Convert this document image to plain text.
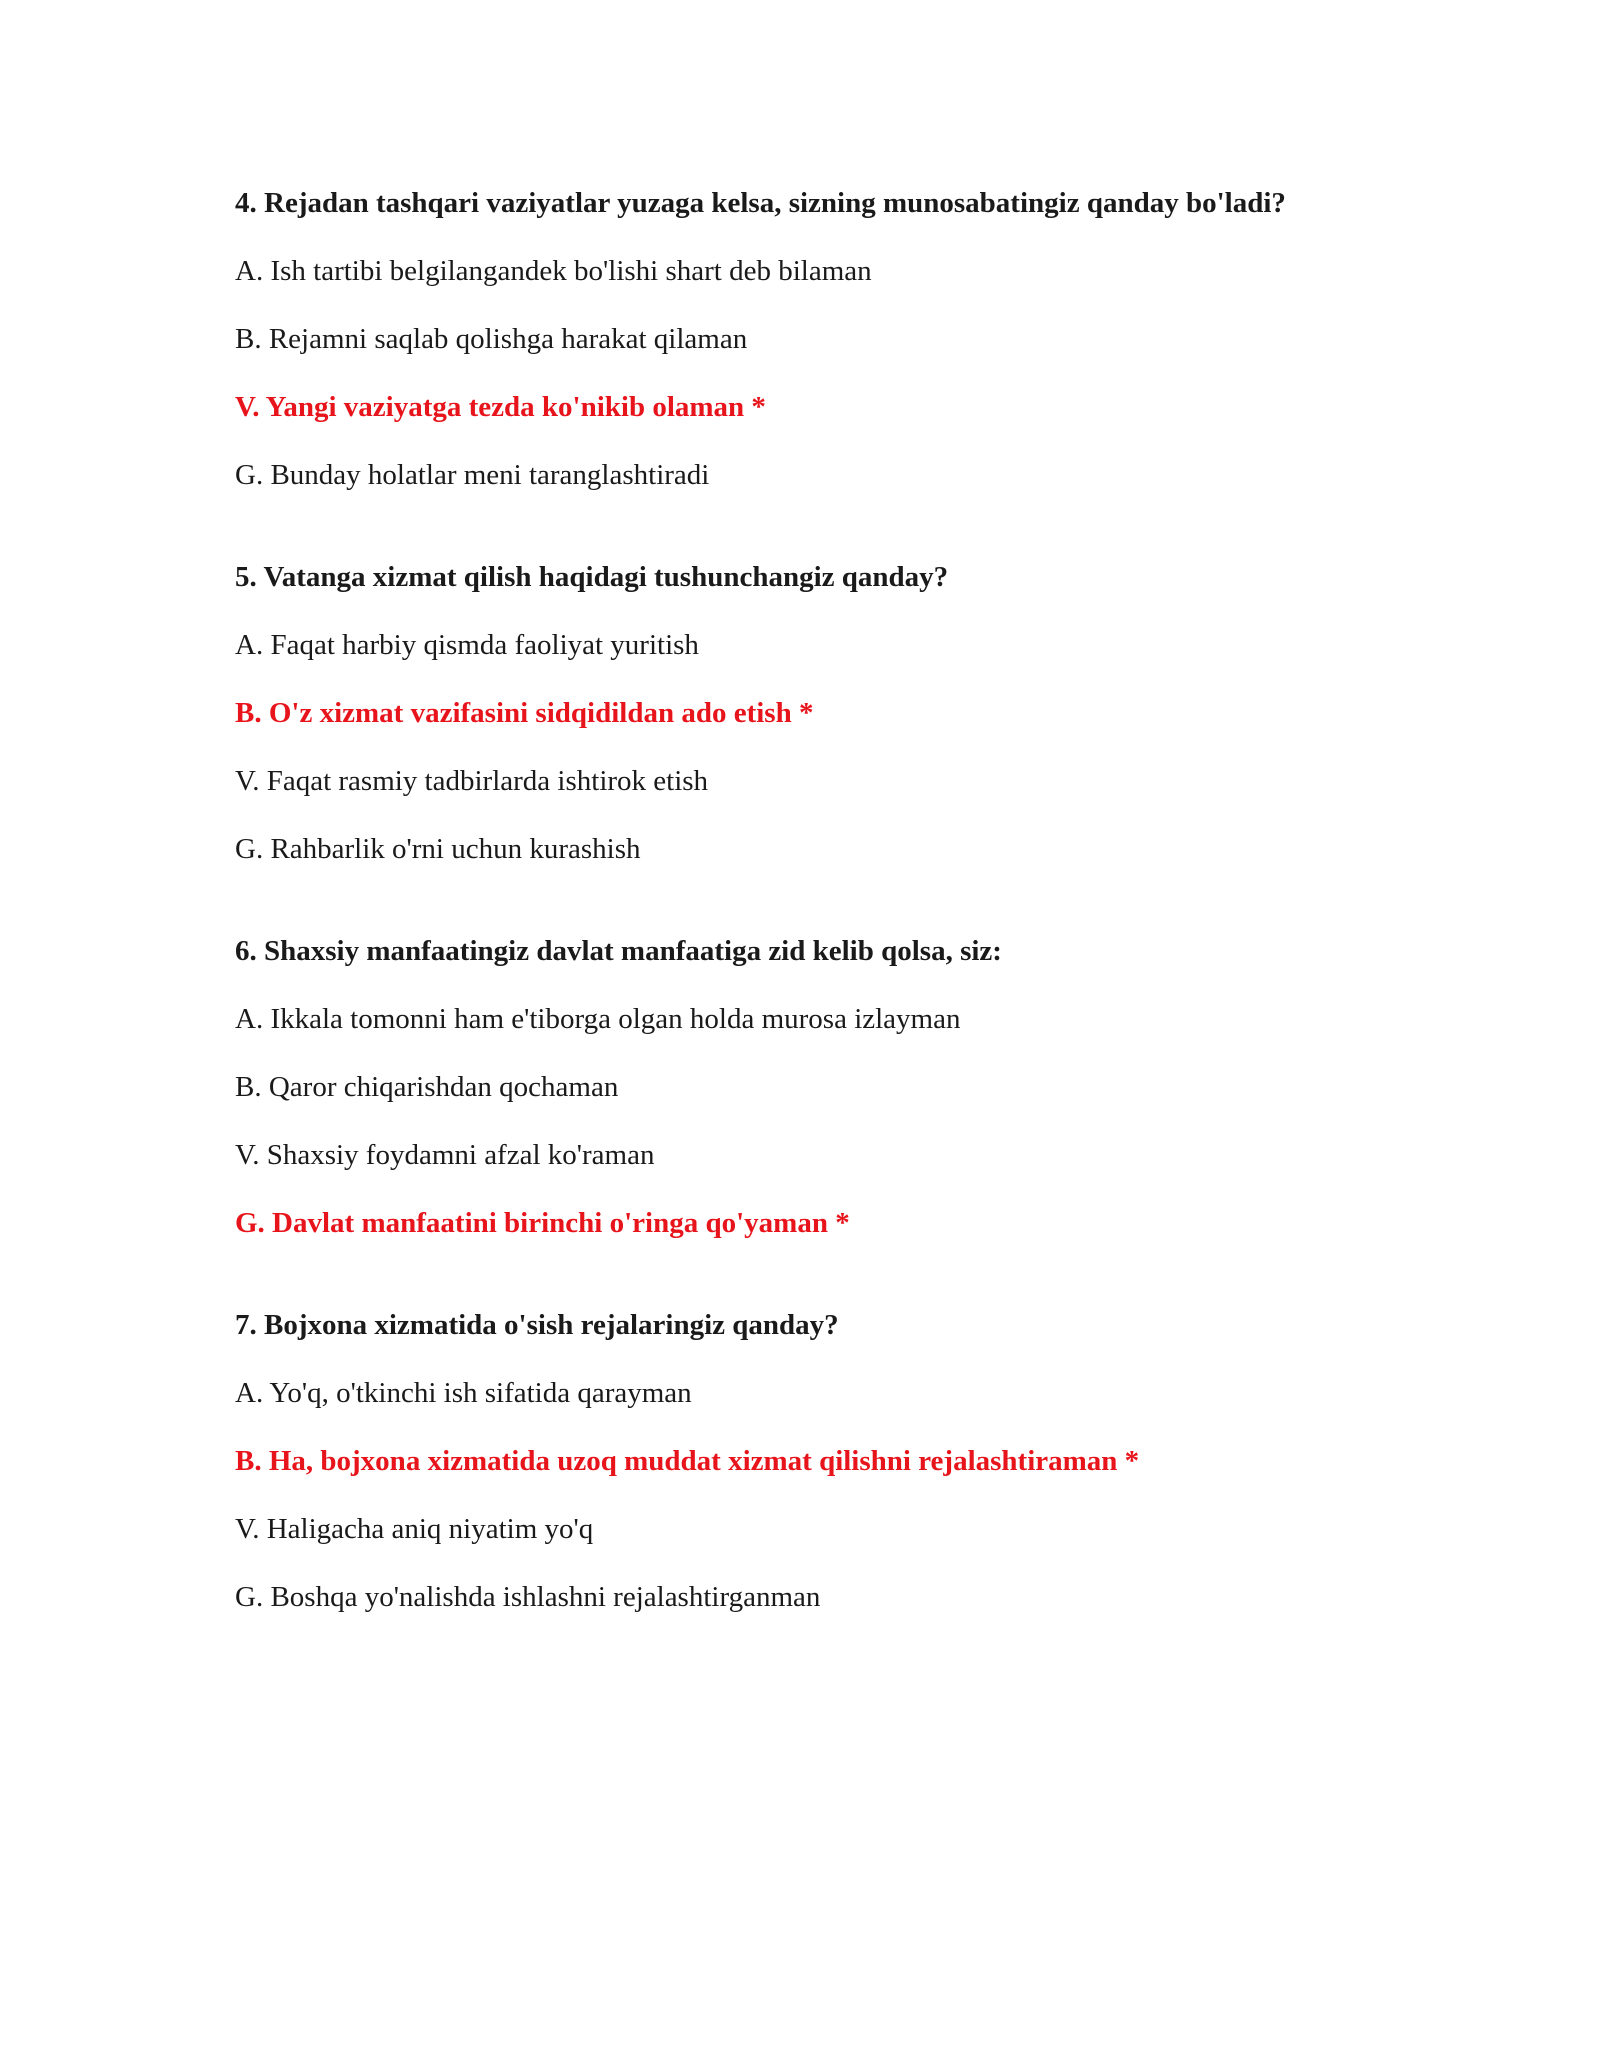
4. Rejadan tashqari vaziyatlar yuzaga kelsa, sizning munosabatingiz qanday bo'ladi?

A. Ish tartibi belgilangandek bo'lishi shart deb bilaman
B. Rejamni saqlab qolishga harakat qilaman
V. Yangi vaziyatga tezda ko'nikib olaman *
G. Bunday holatlar meni taranglashtiradi

5. Vatanga xizmat qilish haqidagi tushunchangiz qanday?

A. Faqat harbiy qismda faoliyat yuritish
B. O'z xizmat vazifasini sidqidildan ado etish *
V. Faqat rasmiy tadbirlarda ishtirok etish
G. Rahbarlik o'rni uchun kurashish

6. Shaxsiy manfaatingiz davlat manfaatiga zid kelib qolsa, siz:

A. Ikkala tomonni ham e'tiborga olgan holda murosa izlayman
B. Qaror chiqarishdan qochaman
V. Shaxsiy foydamni afzal ko'raman
G. Davlat manfaatini birinchi o'ringa qo'yaman *

7. Bojxona xizmatida o'sish rejalaringiz qanday?

A. Yo'q, o'tkinchi ish sifatida qarayman
B. Ha, bojxona xizmatida uzoq muddat xizmat qilishni rejalashtiraman *
V. Haligacha aniq niyatim yo'q
G. Boshqa yo'nalishda ishlashni rejalashtirganman
